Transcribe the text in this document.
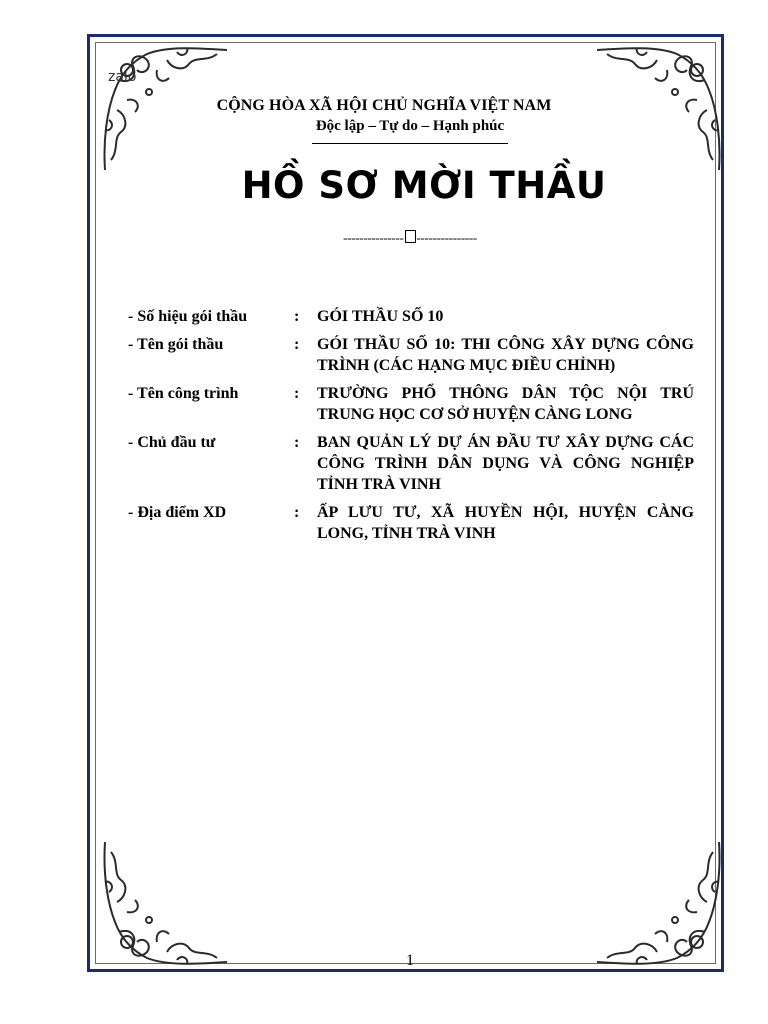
zalo
CỘNG HÒA XÃ HỘI CHỦ NGHĨA VIỆT NAM
Độc lập – Tự do – Hạnh phúc
HỒ SƠ MỜI THẦU
--------------- ---------------
- Số hiệu gói thầu	:	GÓI THẦU SỐ 10
- Tên gói thầu	:	GÓI THẦU SỐ 10: THI CÔNG XÂY DỰNG CÔNG TRÌNH (CÁC HẠNG MỤC ĐIỀU CHỈNH)
- Tên công trình	:	TRƯỜNG PHỔ THÔNG DÂN TỘC NỘI TRÚ TRUNG HỌC CƠ SỞ HUYỆN CÀNG LONG
- Chủ đầu tư	:	BAN QUẢN LÝ DỰ ÁN ĐẦU TƯ XÂY DỰNG CÁC CÔNG TRÌNH DÂN DỤNG VÀ CÔNG NGHIỆP TỈNH TRÀ VINH
- Địa điểm XD	:	ẤP LƯU TƯ, XÃ HUYỀN HỘI, HUYỆN CÀNG LONG, TỈNH TRÀ VINH
1
